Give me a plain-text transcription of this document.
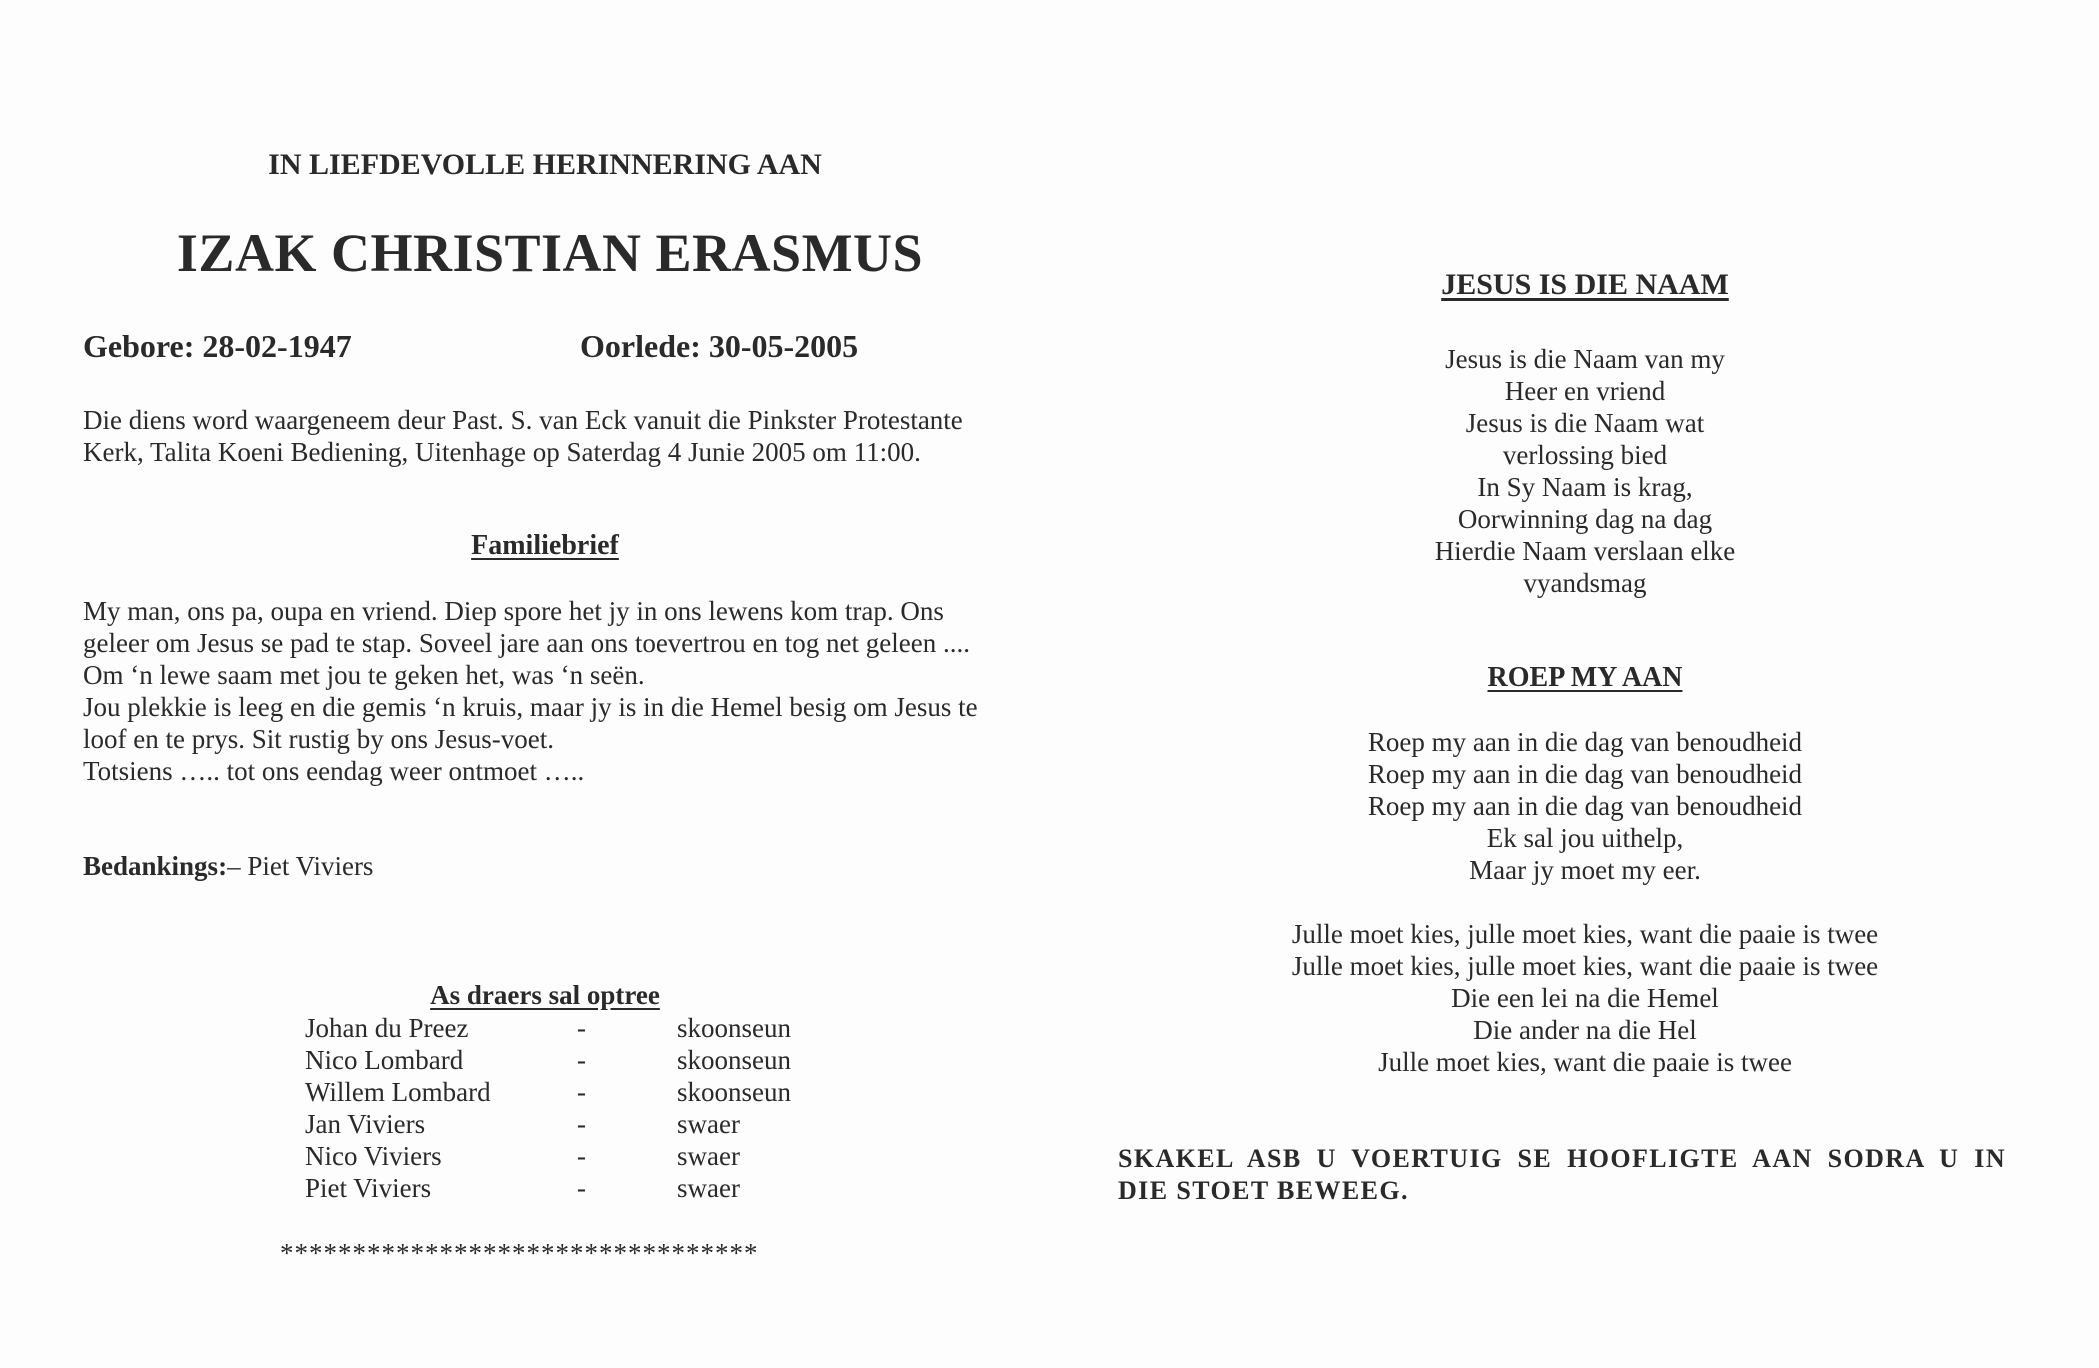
IN LIEFDEVOLLE HERINNERING AAN
IZAK CHRISTIAN ERASMUS
Gebore: 28-02-1947	Oorlede: 30-05-2005
Die diens word waargeneem deur Past. S. van Eck vanuit die Pinkster Protestante
Kerk, Talita Koeni Bediening, Uitenhage op Saterdag 4 Junie 2005 om 11:00.
Familiebrief
My man, ons pa, oupa en vriend. Diep spore het jy in ons lewens kom trap. Ons
geleer om Jesus se pad te stap. Soveel jare aan ons toevertrou en tog net geleen ....
Om ‘n lewe saam met jou te geken het, was ‘n seën.
Jou plekkie is leeg en die gemis ‘n kruis, maar jy is in die Hemel besig om Jesus te
loof en te prys. Sit rustig by ons Jesus-voet.
Totsiens ….. tot ons eendag weer ontmoet …..
Bedankings:– Piet Viviers
As draers sal optree
Johan du Preez	-	skoonseun
Nico Lombard	-	skoonseun
Willem Lombard	-	skoonseun
Jan Viviers	-	swaer
Nico Viviers	-	swaer
Piet Viviers	-	swaer
*********************************
JESUS IS DIE NAAM
Jesus is die Naam van my
Heer en vriend
Jesus is die Naam wat
verlossing bied
In Sy Naam is krag,
Oorwinning dag na dag
Hierdie Naam verslaan elke
vyandsmag
ROEP MY AAN
Roep my aan in die dag van benoudheid
Roep my aan in die dag van benoudheid
Roep my aan in die dag van benoudheid
Ek sal jou uithelp,
Maar jy moet my eer.
Julle moet kies, julle moet kies, want die paaie is twee
Julle moet kies, julle moet kies, want die paaie is twee
Die een lei na die Hemel
Die ander na die Hel
Julle moet kies, want die paaie is twee
SKAKEL ASB U VOERTUIG SE HOOFLIGTE AAN SODRA U IN
DIE STOET BEWEEG.
